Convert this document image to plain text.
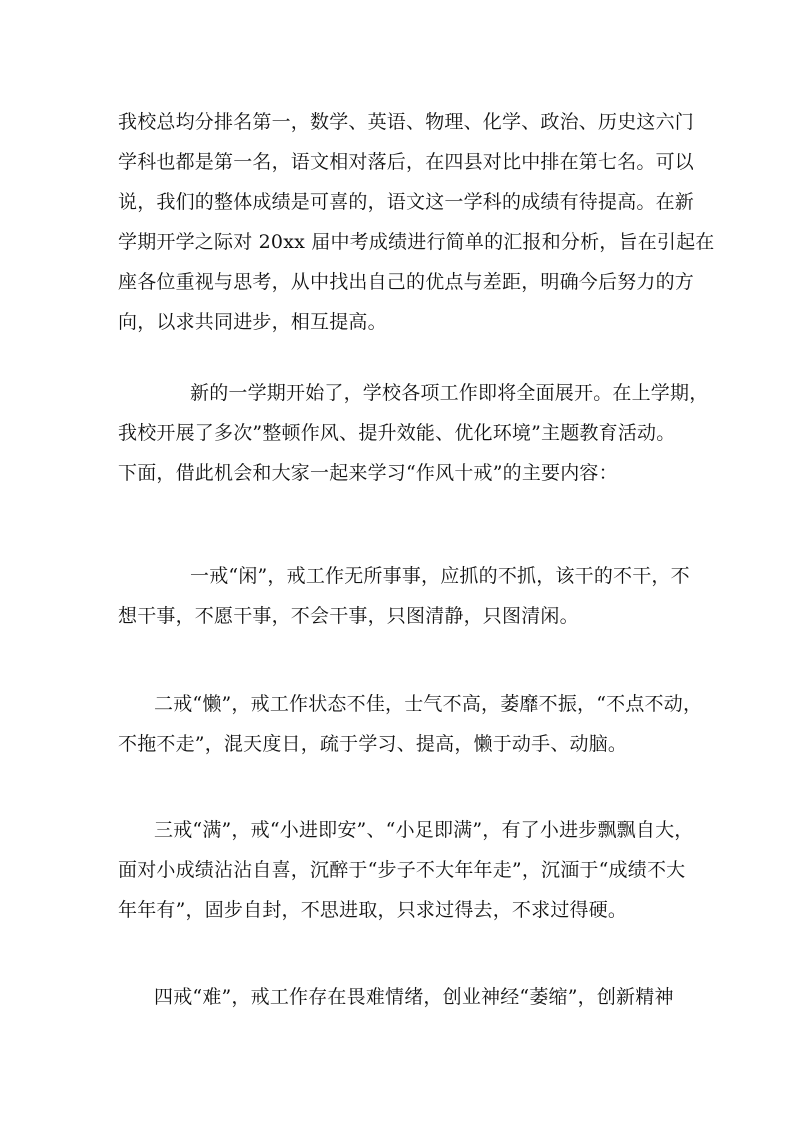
我校总均分排名第一，数学、英语、物理、化学、政治、历史这六门
学科也都是第一名，语文相对落后，在四县对比中排在第七名。可以
说，我们的整体成绩是可喜的，语文这一学科的成绩有待提高。在新
学期开学之际对 20xx 届中考成绩进行简单的汇报和分析，旨在引起在
座各位重视与思考，从中找出自己的优点与差距，明确今后努力的方
向，以求共同进步，相互提高。
新的一学期开始了，学校各项工作即将全面展开。在上学期，
我校开展了多次”整顿作风、提升效能、优化环境”主题教育活动。
下面，借此机会和大家一起来学习“作风十戒”的主要内容：
一戒“闲”，戒工作无所事事，应抓的不抓，该干的不干，不
想干事，不愿干事，不会干事，只图清静，只图清闲。
二戒“懒”，戒工作状态不佳，士气不高，萎靡不振，“不点不动，
不拖不走”，混天度日，疏于学习、提高，懒于动手、动脑。
三戒“满”，戒“小进即安”、“小足即满”，有了小进步飘飘自大，
面对小成绩沾沾自喜，沉醉于“步子不大年年走”，沉湎于“成绩不大
年年有”，固步自封，不思进取，只求过得去，不求过得硬。
四戒“难”，戒工作存在畏难情绪，创业神经“萎缩”，创新精神
